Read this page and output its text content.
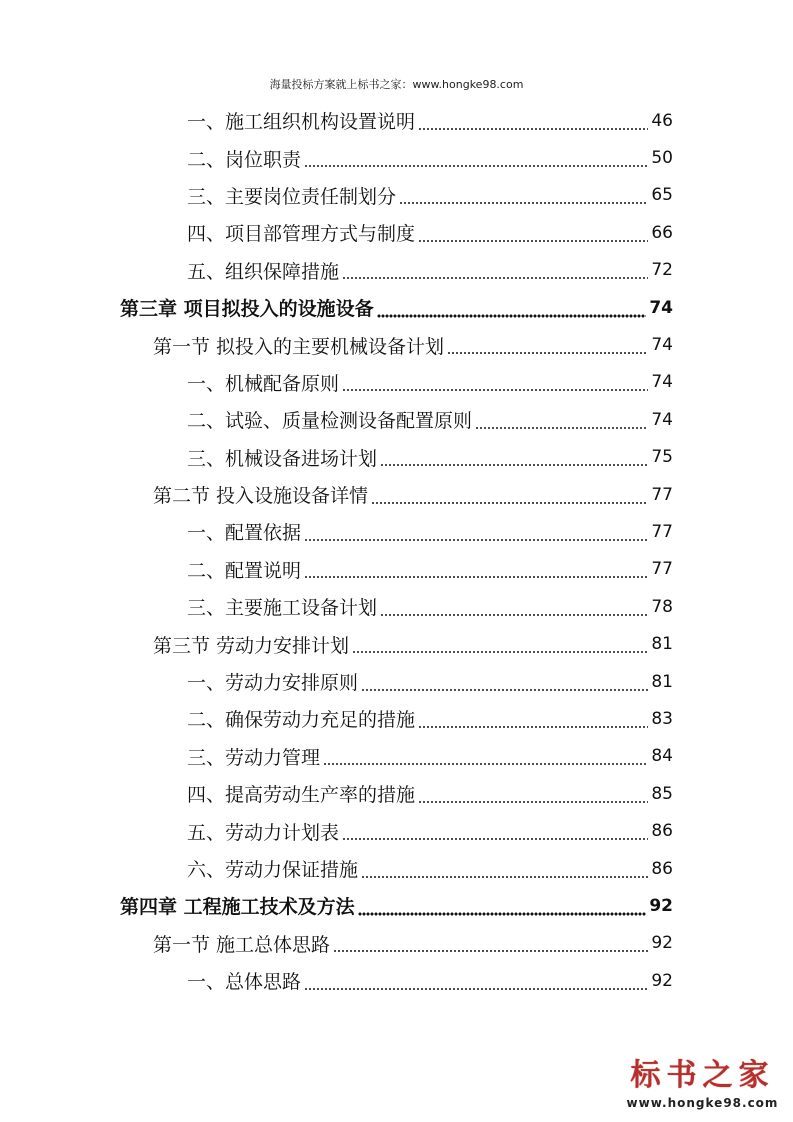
海量投标方案就上标书之家：www.hongke98.com
一、施工组织机构设置说明	46
二、岗位职责	50
三、主要岗位责任制划分	65
四、项目部管理方式与制度	66
五、组织保障措施	72
第三章 项目拟投入的设施设备	74
第一节 拟投入的主要机械设备计划	74
一、机械配备原则	74
二、试验、质量检测设备配置原则	74
三、机械设备进场计划	75
第二节 投入设施设备详情	77
一、配置依据	77
二、配置说明	77
三、主要施工设备计划	78
第三节 劳动力安排计划	81
一、劳动力安排原则	81
二、确保劳动力充足的措施	83
三、劳动力管理	84
四、提高劳动生产率的措施	85
五、劳动力计划表	86
六、劳动力保证措施	86
第四章 工程施工技术及方法	92
第一节 施工总体思路	92
一、总体思路	92
标书之家
www.hongke98.com
